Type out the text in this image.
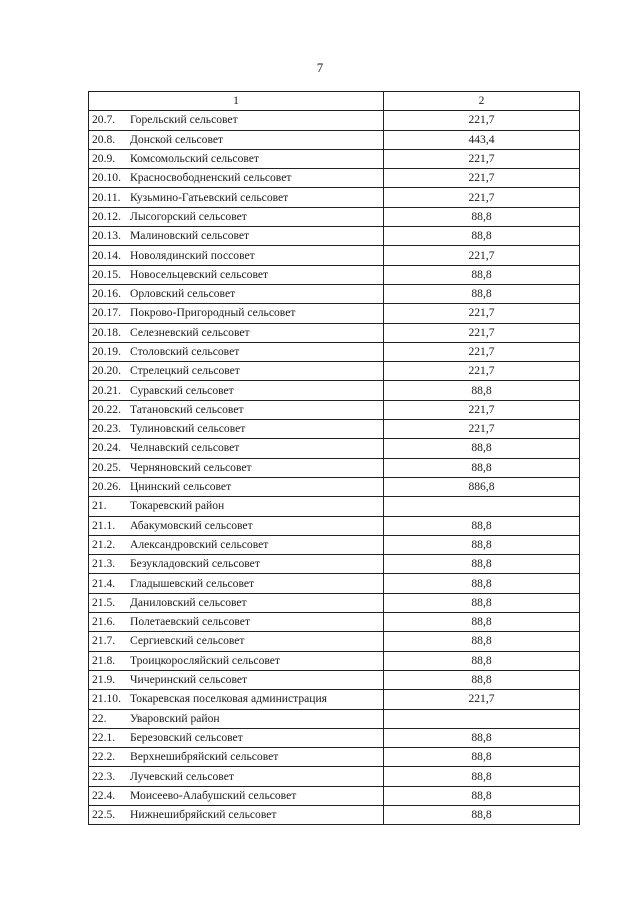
7
1	2
20.7. Горельский сельсовет	221,7
20.8. Донской сельсовет	443,4
20.9. Комсомольский сельсовет	221,7
20.10. Красносвободненский сельсовет	221,7
20.11. Кузьмино-Гатьевский сельсовет	221,7
20.12. Лысогорский сельсовет	88,8
20.13. Малиновский сельсовет	88,8
20.14. Новолядинский поссовет	221,7
20.15. Новосельцевский сельсовет	88,8
20.16. Орловский сельсовет	88,8
20.17. Покрово-Пригородный сельсовет	221,7
20.18. Селезневский сельсовет	221,7
20.19. Столовский сельсовет	221,7
20.20. Стрелецкий сельсовет	221,7
20.21. Суравский сельсовет	88,8
20.22. Татановский сельсовет	221,7
20.23. Тулиновский сельсовет	221,7
20.24. Челнавский сельсовет	88,8
20.25. Черняновский сельсовет	88,8
20.26. Цнинский сельсовет	886,8
21. Токаревский район	
21.1. Абакумовский сельсовет	88,8
21.2. Александровский сельсовет	88,8
21.3. Безукладовский сельсовет	88,8
21.4. Гладышевский сельсовет	88,8
21.5. Даниловский сельсовет	88,8
21.6. Полетаевский сельсовет	88,8
21.7. Сергиевский сельсовет	88,8
21.8. Троицкоросляйский сельсовет	88,8
21.9. Чичеринский сельсовет	88,8
21.10. Токаревская поселковая администрация	221,7
22. Уваровский район	
22.1. Березовский сельсовет	88,8
22.2. Верхнешибряйский сельсовет	88,8
22.3. Лучевский сельсовет	88,8
22.4. Моисеево-Алабушский сельсовет	88,8
22.5. Нижнешибряйский сельсовет	88,8
